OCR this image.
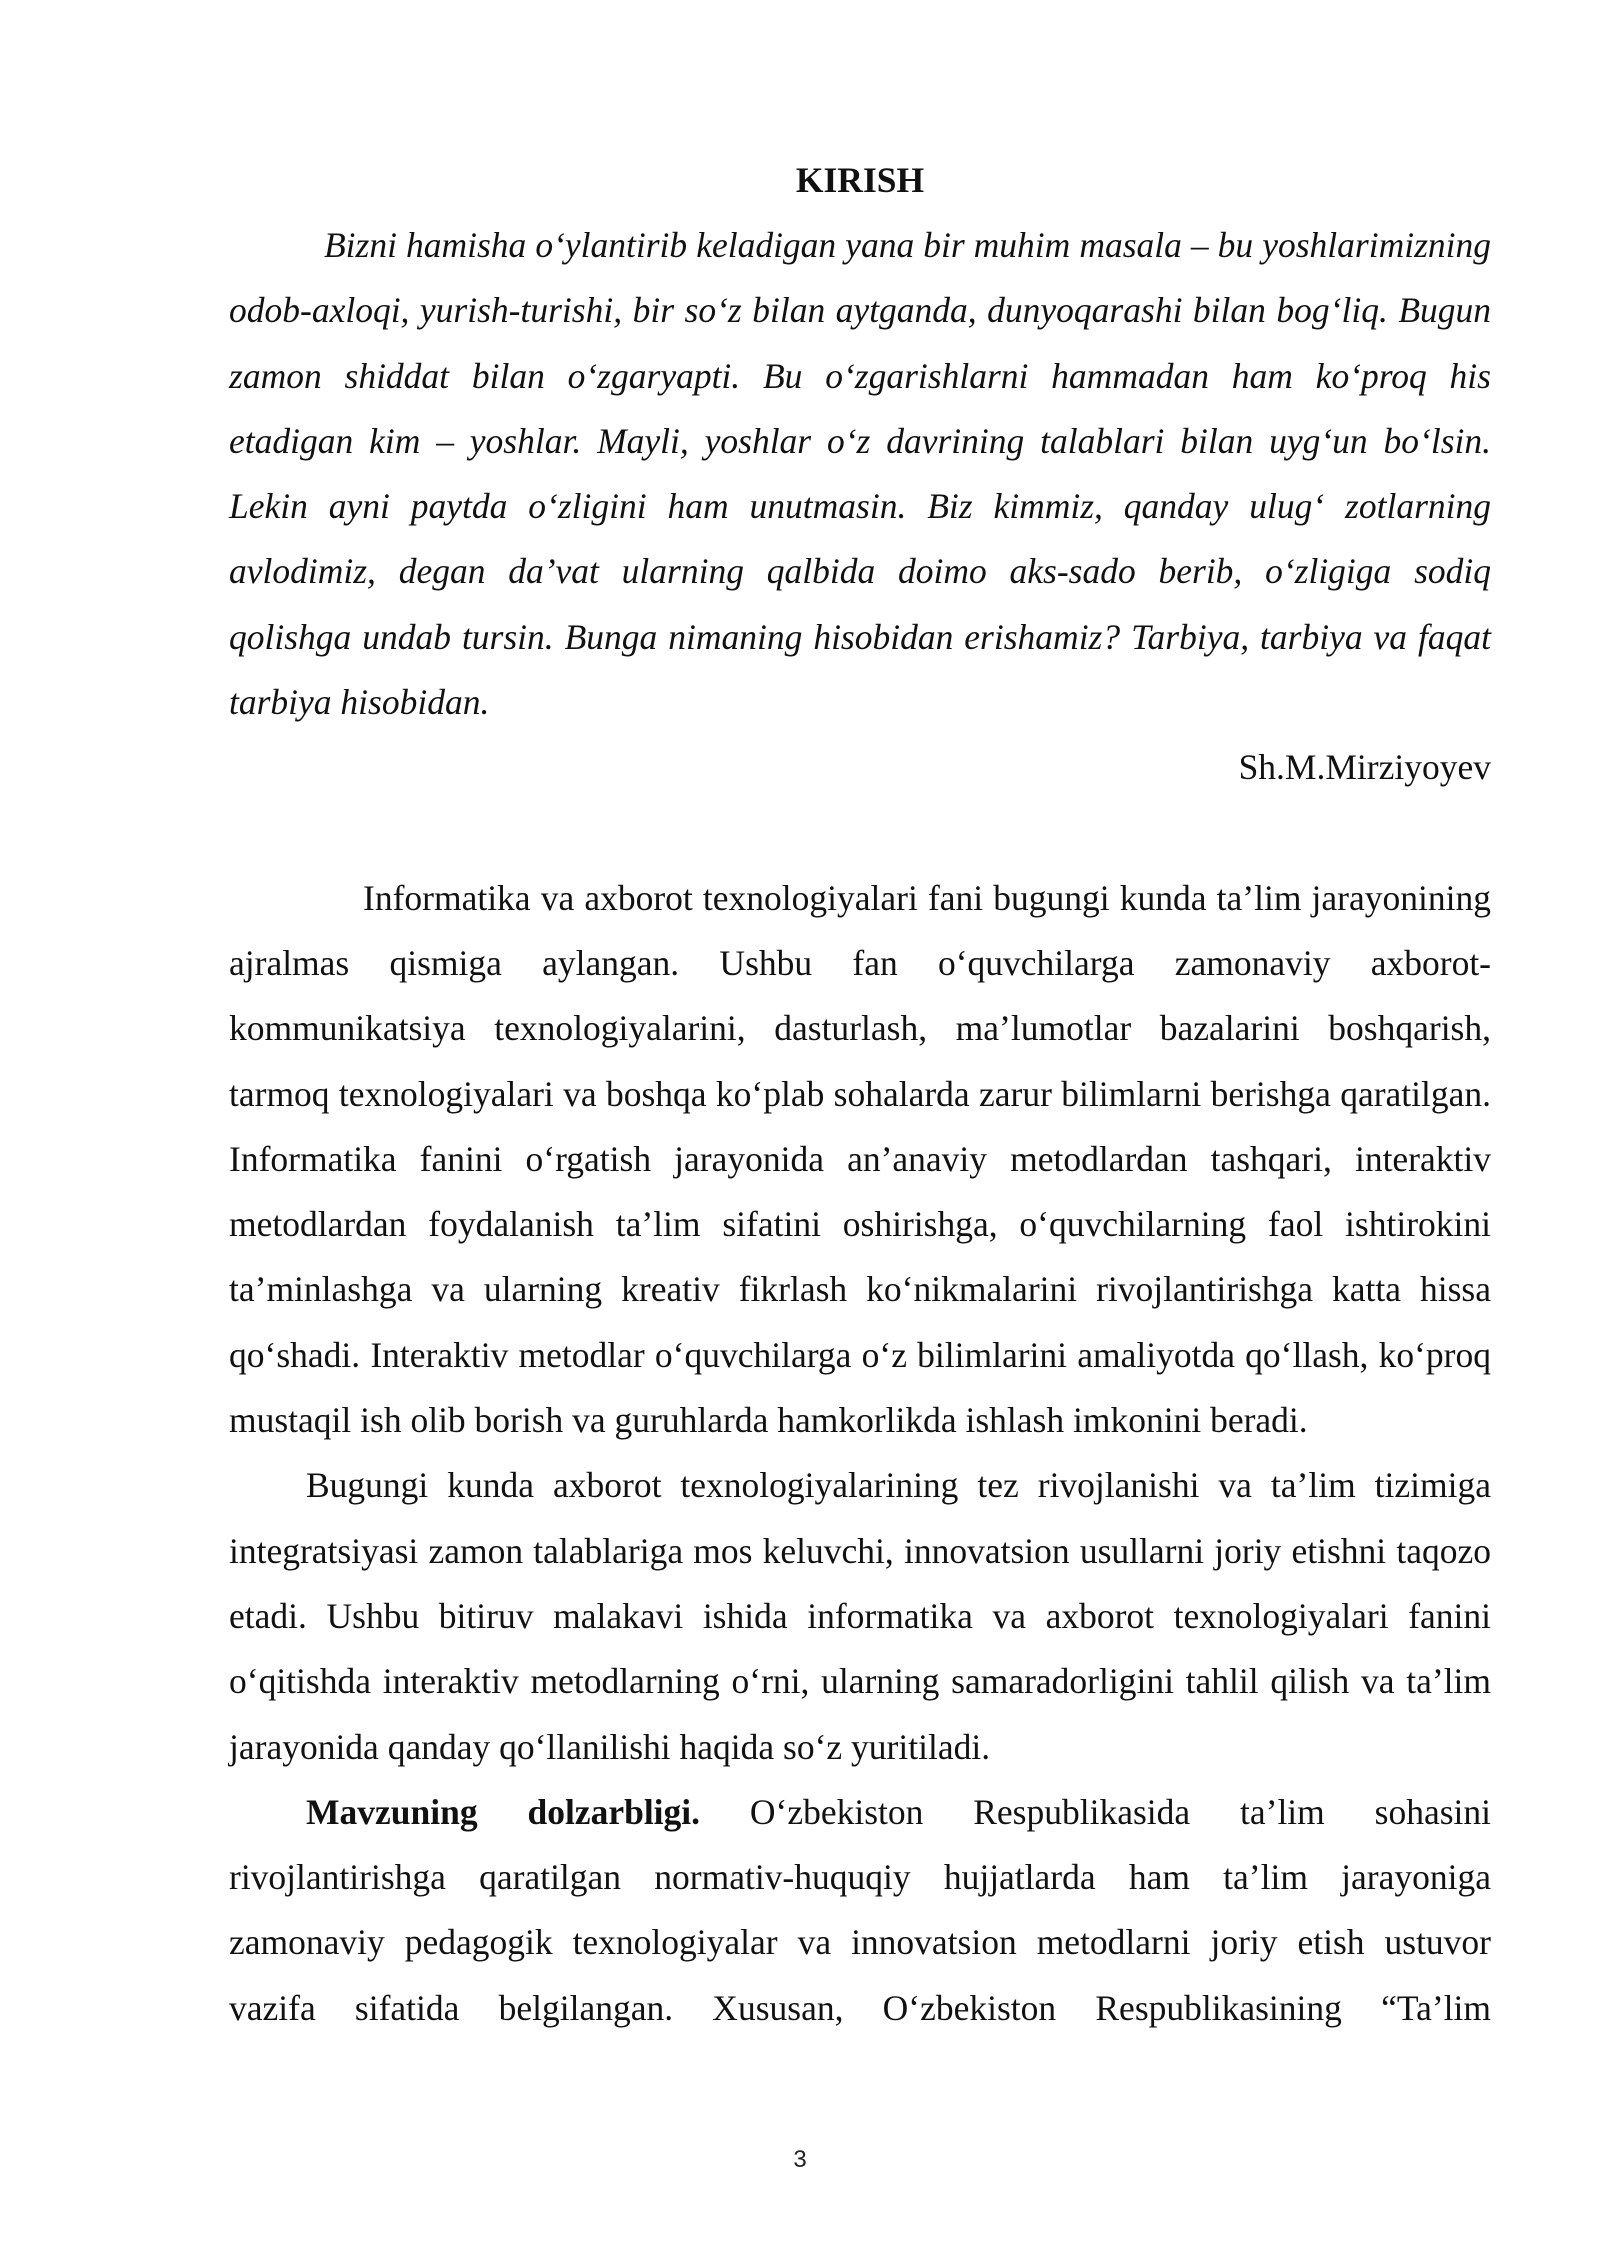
KIRISH

Bizni hamisha o‘ylantirib keladigan yana bir muhim masala – bu yoshlarimizning odob-axloqi, yurish-turishi, bir so‘z bilan aytganda, dunyoqarashi bilan bog‘liq. Bugun zamon shiddat bilan o‘zgaryapti. Bu o‘zgarishlarni hammadan ham ko‘proq his etadigan kim – yoshlar. Mayli, yoshlar o‘z davrining talablari bilan uyg‘un bo‘lsin. Lekin ayni paytda o‘zligini ham unutmasin. Biz kimmiz, qanday ulug‘ zotlarning avlodimiz, degan da’vat ularning qalbida doimo aks-sado berib, o‘zligiga sodiq qolishga undab tursin. Bunga nimaning hisobidan erishamiz? Tarbiya, tarbiya va faqat tarbiya hisobidan.

Sh.M.Mirziyoyev

Informatika va axborot texnologiyalari fani bugungi kunda ta’lim jarayonining ajralmas qismiga aylangan. Ushbu fan o‘quvchilarga zamonaviy axborot-kommunikatsiya texnologiyalarini, dasturlash, ma’lumotlar bazalarini boshqarish, tarmoq texnologiyalari va boshqa ko‘plab sohalarda zarur bilimlarni berishga qaratilgan. Informatika fanini o‘rgatish jarayonida an’anaviy metodlardan tashqari, interaktiv metodlardan foydalanish ta’lim sifatini oshirishga, o‘quvchilarning faol ishtirokini ta’minlashga va ularning kreativ fikrlash ko‘nikmalarini rivojlantirishga katta hissa qo‘shadi. Interaktiv metodlar o‘quvchilarga o‘z bilimlarini amaliyotda qo‘llash, ko‘proq mustaqil ish olib borish va guruhlarda hamkorlikda ishlash imkonini beradi.

Bugungi kunda axborot texnologiyalarining tez rivojlanishi va ta’lim tizimiga integratsiyasi zamon talablariga mos keluvchi, innovatsion usullarni joriy etishni taqozo etadi. Ushbu bitiruv malakavi ishida informatika va axborot texnologiyalari fanini o‘qitishda interaktiv metodlarning o‘rni, ularning samaradorligini tahlil qilish va ta’lim jarayonida qanday qo‘llanilishi haqida so‘z yuritiladi.

Mavzuning dolzarbligi. O‘zbekiston Respublikasida ta’lim sohasini rivojlantirishga qaratilgan normativ-huquqiy hujjatlarda ham ta’lim jarayoniga zamonaviy pedagogik texnologiyalar va innovatsion metodlarni joriy etish ustuvor vazifa sifatida belgilangan. Xususan, O‘zbekiston Respublikasining “Ta’lim

3
